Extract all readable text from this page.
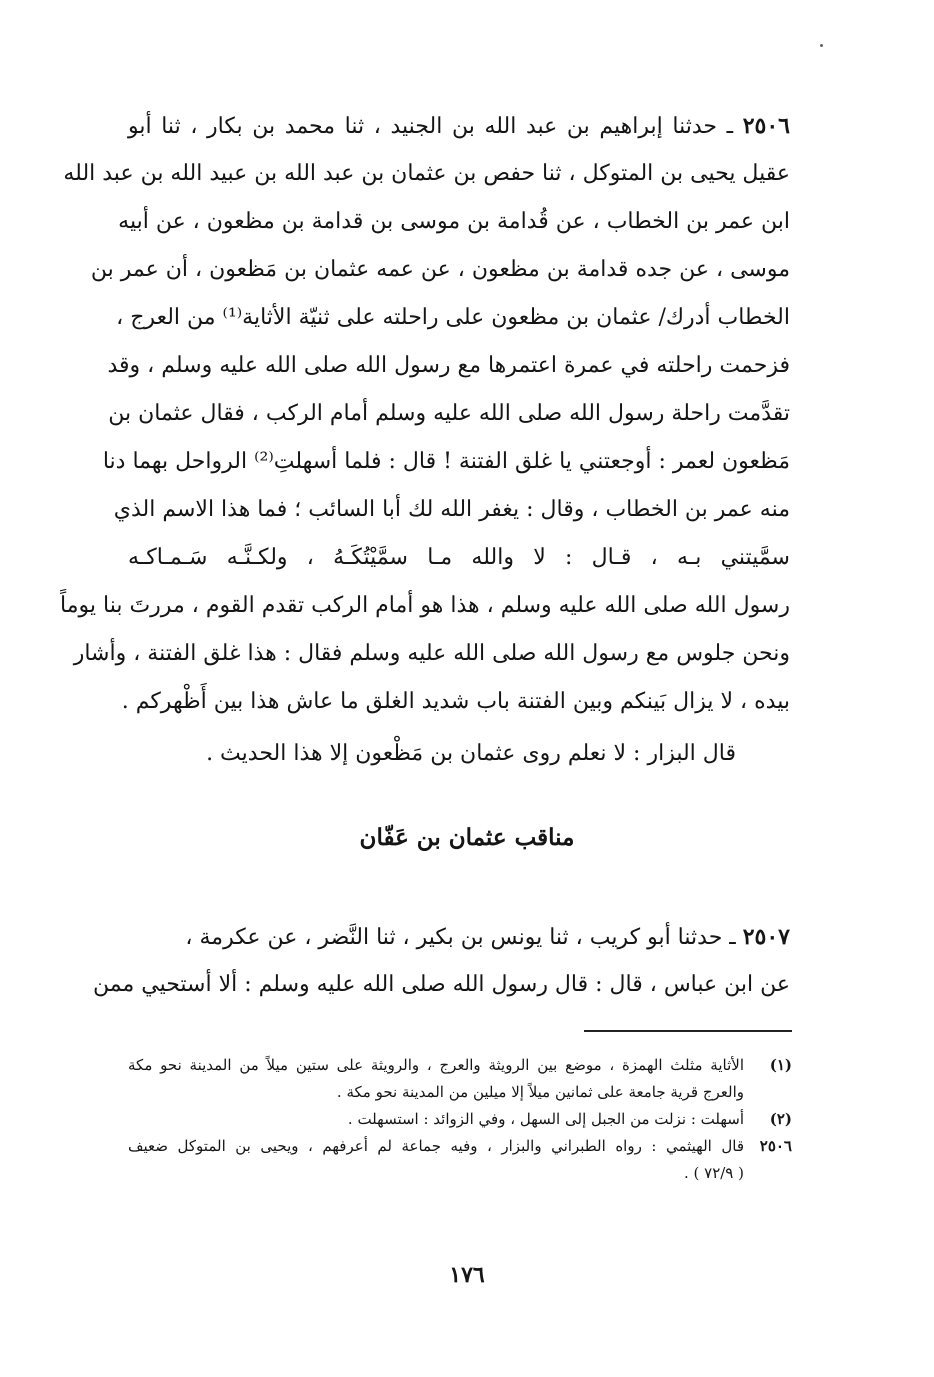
٢٥٠٦ ـ حدثنا إبراهيم بن عبد الله بن الجنيد ، ثنا محمد بن بكار ، ثنا أبو
عقيل يحيى بن المتوكل ، ثنا حفص بن عثمان بن عبد الله بن عبيد الله بن عبد الله
ابن عمر بن الخطاب ، عن قُدامة بن موسى بن قدامة بن مظعون ، عن أبيه
موسى ، عن جده قدامة بن مظعون ، عن عمه عثمان بن مَظعون ، أن عمر بن
الخطاب أدرك/ عثمان بن مظعون على راحلته على ثنيّة الأثاية⁽¹⁾ من العرج ،
فزحمت راحلته في عمرة اعتمرها مع رسول الله صلى الله عليه وسلم ، وقد
تقدَّمت راحلة رسول الله صلى الله عليه وسلم أمام الركب ، فقال عثمان بن
مَظعون لعمر : أوجعتني يا غلق الفتنة ! قال : فلما أسهلتِ⁽²⁾ الرواحل بهما دنا
منه عمر بن الخطاب ، وقال : يغفر الله لك أبا السائب ؛ فما هذا الاسم الذي
سمَّيتني بـه ، قـال : لا والله مـا سمَّيْتُكَـهُ ، ولكـنَّـه سَـمـاكـه
رسول الله صلى الله عليه وسلم ، هذا هو أمام الركب تقدم القوم ، مررتَ بنا يوماً
ونحن جلوس مع رسول الله صلى الله عليه وسلم فقال : هذا غلق الفتنة ، وأشار
بيده ، لا يزال بَينكم وبين الفتنة باب شديد الغلق ما عاش هذا بين أَظْهركم .
قال البزار : لا نعلم روى عثمان بن مَظْعون إلا هذا الحديث .
مناقب عثمان بن عَفّان
٢٥٠٧ ـ حدثنا أبو كريب ، ثنا يونس بن بكير ، ثنا النَّضر ، عن عكرمة ،
عن ابن عباس ، قال : قال رسول الله صلى الله عليه وسلم : ألا أستحيي ممن
(١)
الأثاية مثلث الهمزة ، موضع بين الرويثة والعرج ، والرويثة على ستين ميلاً من المدينة نحو مكة
والعرج قرية جامعة على ثمانين ميلاً إلا ميلين من المدينة نحو مكة .
(٢)
أسهلت : نزلت من الجبل إلى السهل ، وفي الزوائد : استسهلت .
٢٥٠٦
قال الهيثمي : رواه الطبراني والبزار ، وفيه جماعة لم أعرفهم ، ويحيى بن المتوكل ضعيف
( ٧٢/٩ ) .
١٧٦
